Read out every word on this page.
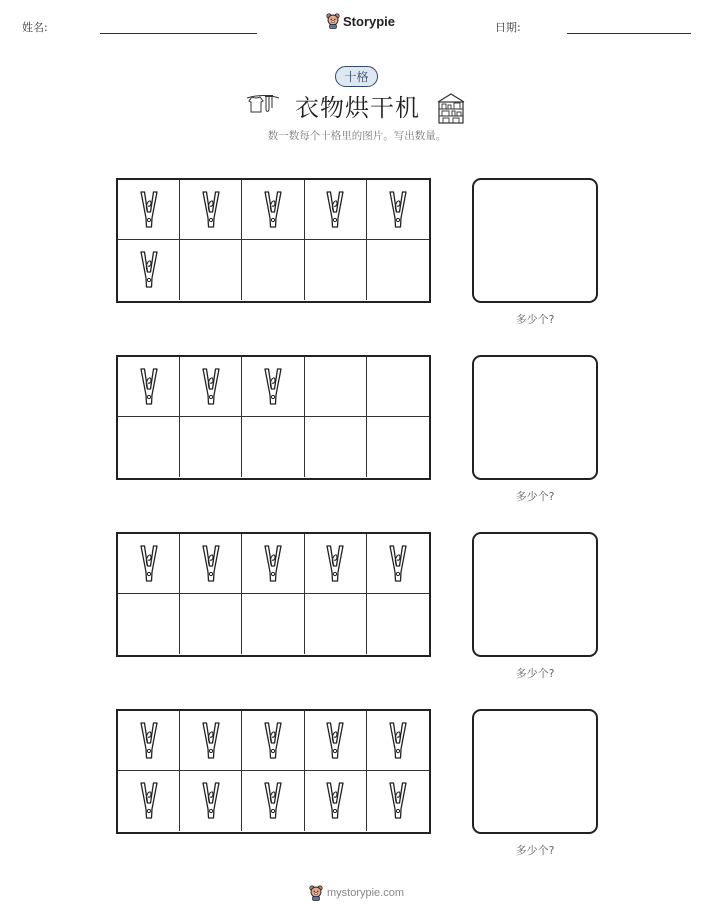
姓名:	Storypie	日期:
十格
衣物烘干机
数一数每个十格里的图片。写出数量。
多少个?
多少个?
多少个?
多少个?
mystorypie.com
